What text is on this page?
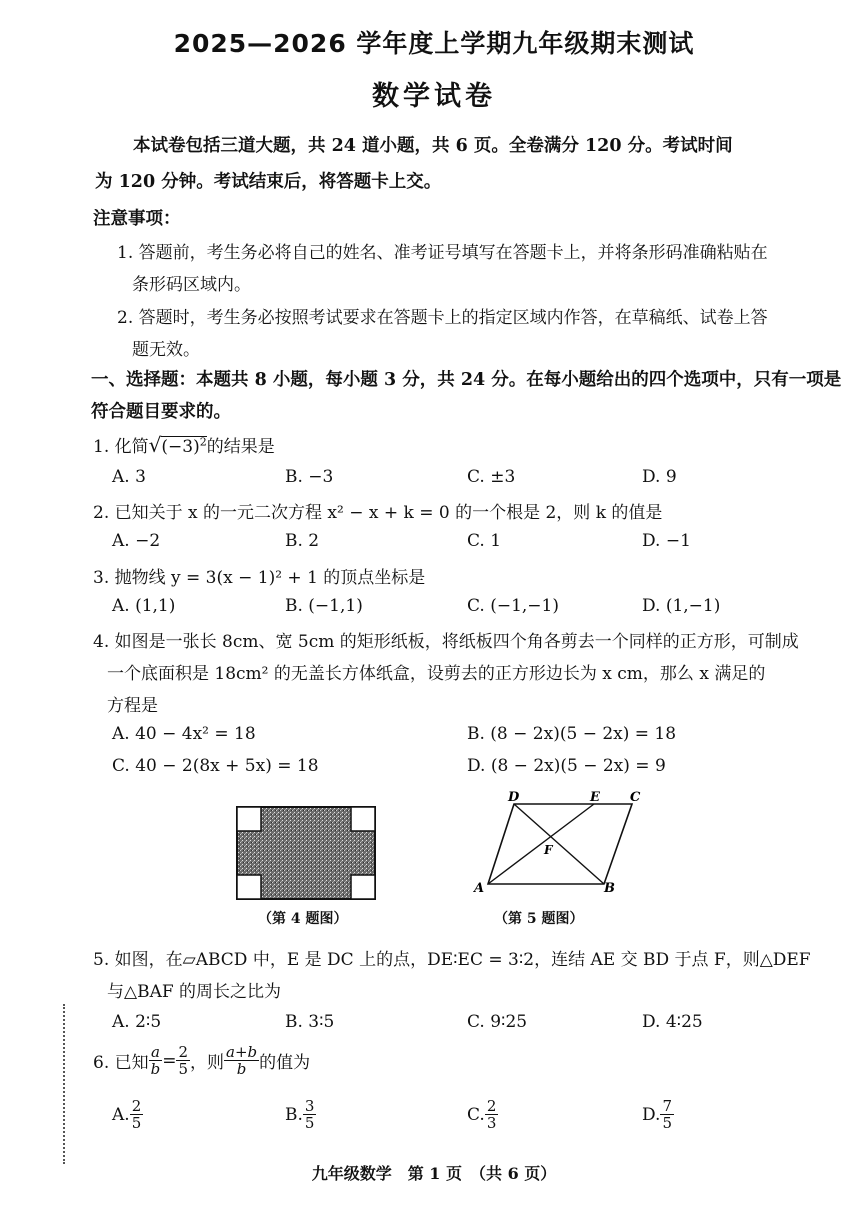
2025—2026 学年度上学期九年级期末测试
数学试卷
本试卷包括三道大题，共 24 道小题，共 6 页。全卷满分 120 分。考试时间
为 120 分钟。考试结束后，将答题卡上交。
注意事项：
1. 答题前，考生务必将自己的姓名、准考证号填写在答题卡上，并将条形码准确粘贴在
条形码区域内。
2. 答题时，考生务必按照考试要求在答题卡上的指定区域内作答，在草稿纸、试卷上答
题无效。
一、选择题：本题共 8 小题，每小题 3 分，共 24 分。在每小题给出的四个选项中，只有一项是
符合题目要求的。
1. 化简$√(-3)^2$的结果是
A. 3	B. −3	C. ±3	D. 9
2. 已知关于 x 的一元二次方程 x² − x + k = 0 的一个根是 2，则 k 的值是
A. −2	B. 2	C. 1	D. −1
3. 抛物线 y = 3(x − 1)² + 1 的顶点坐标是
A. (1,1)	B. (−1,1)	C. (−1,−1)	D. (1,−1)
4. 如图是一张长 8cm、宽 5cm 的矩形纸板，将纸板四个角各剪去一个同样的正方形，可制成
一个底面积是 18cm² 的无盖长方体纸盒，设剪去的正方形边长为 x cm，那么 x 满足的
方程是
A. 40 − 4x² = 18	B. (8 − 2x)(5 − 2x) = 18
C. 40 − 2(8x + 5x) = 18	D. (8 − 2x)(5 − 2x) = 9
（第 4 题图）
D	E C
F
A	B
（第 5 题图）
5. 如图，在▱ABCD 中，E 是 DC 上的点，DE∶EC = 3∶2，连结 AE 交 BD 于点 F，则△DEF
与△BAF 的周长之比为
A. 2∶5	B. 3∶5	C. 9∶25	D. 4∶25
6. 已知 $\frac{a}{b} = \frac{2}{5}$ ，则 $\frac{a+b}{b}$ 的值为
A. $\frac{2}{5}$	B. $\frac{3}{5}$	C. $\frac{2}{3}$	D. $\frac{7}{5}$
九年级数学　第 1 页　（共 6 页）
